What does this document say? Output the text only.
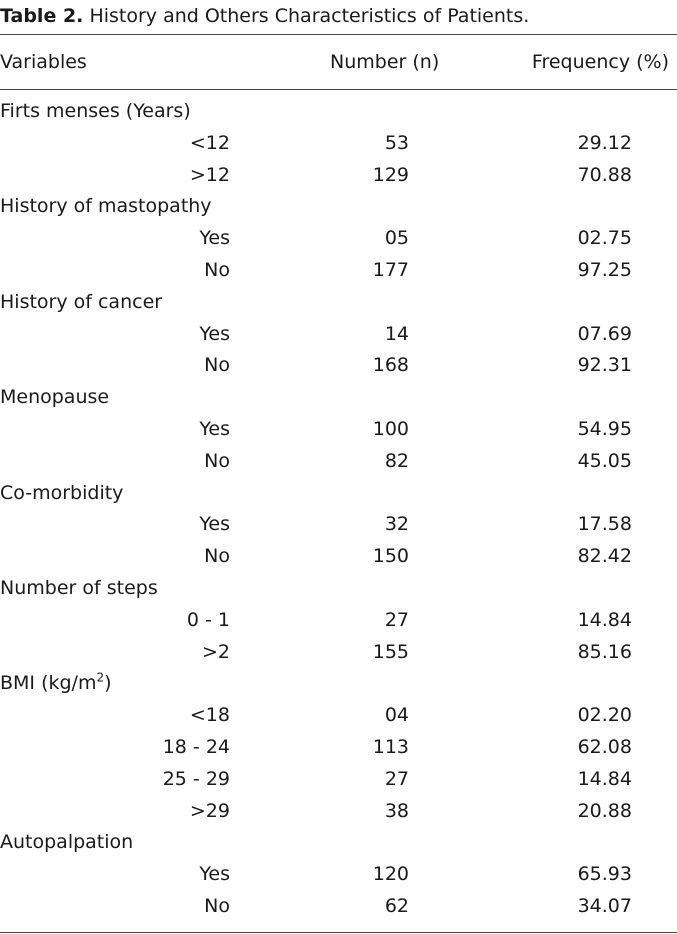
Table 2. History and Others Characteristics of Patients.
Variables	Number (n)	Frequency (%)
Firts menses (Years)
<12	53	29.12
>12	129	70.88
History of mastopathy
Yes	05	02.75
No	177	97.25
History of cancer
Yes	14	07.69
No	168	92.31
Menopause
Yes	100	54.95
No	82	45.05
Co-morbidity
Yes	32	17.58
No	150	82.42
Number of steps
0 - 1	27	14.84
>2	155	85.16
BMI $(kg/m^2)$
<18	04	02.20
18 - 24	113	62.08
25 - 29	27	14.84
>29	38	20.88
Autopalpation
Yes	120	65.93
No	62	34.07
